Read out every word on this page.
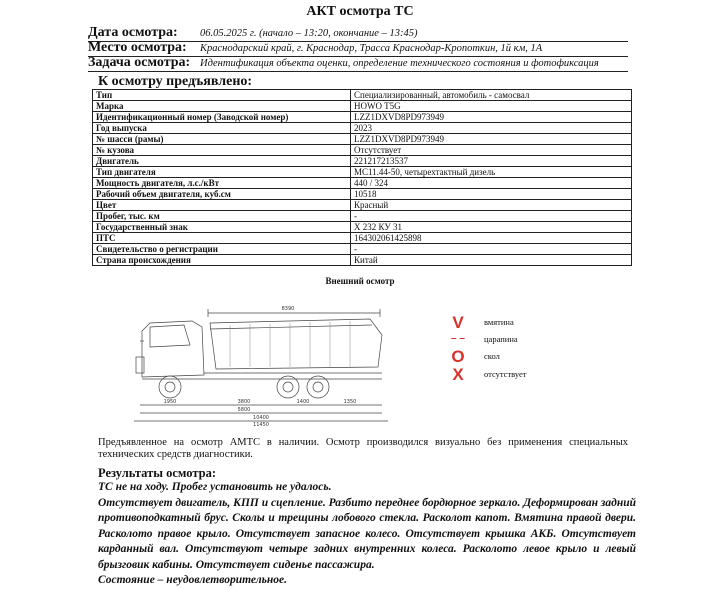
АКТ осмотра ТС
Дата осмотра: 06.05.2025 г. (начало – 13:20, окончание – 13:45)
Место осмотра: Краснодарский край, г. Краснодар, Трасса Краснодар-Кропоткин, 1й км, 1А
Задача осмотра: Идентификация объекта оценки, определение технического состояния и фотофиксация
К осмотру предъявлено:
Тип	Специализированный, автомобиль - самосвал
Марка	HOWO T5G
Идентификационный номер (Заводской номер)	LZZ1DXVD8PD973949
Год выпуска	2023
№ шасси (рамы)	LZZ1DXVD8PD973949
№ кузова	Отсутствует
Двигатель	221217213537
Тип двигателя	MC11.44-50, четырехтактный дизель
Мощность двигателя, л.с./кВт	440 / 324
Рабочий объем двигателя, куб.см	10518
Цвет	Красный
Пробег, тыс. км	-
Государственный знак	Х 232 КУ 31
ПТС	164302061425898
Свидетельство о регистрации	-
Страна происхождения	Китай
Внешний осмотр
8390
1950	3800	1400	1350
5800
10400
11450
V	вмятина
– –	царапина
O	скол
X	отсутствует
Предъявленное на осмотр АМТС в наличии. Осмотр производился визуально без применения специальных технических средств диагностики.
Результаты осмотра:

ТС не на ходу. Пробег установить не удалось.

Отсутствует двигатель, КПП и сцепление. Разбито переднее бордюрное зеркало. Деформирован задний противоподкатный брус. Сколы и трещины лобового стекла. Расколот капот. Вмятина правой двери. Расколото правое крыло. Отсутствует запасное колесо. Отсутствует крышка АКБ. Отсутствует карданный вал. Отсутствуют четыре задних внутренних колеса. Расколото левое крыло и левый брызговик кабины. Отсутствует сиденье пассажира.

Состояние – неудовлетворительное.
